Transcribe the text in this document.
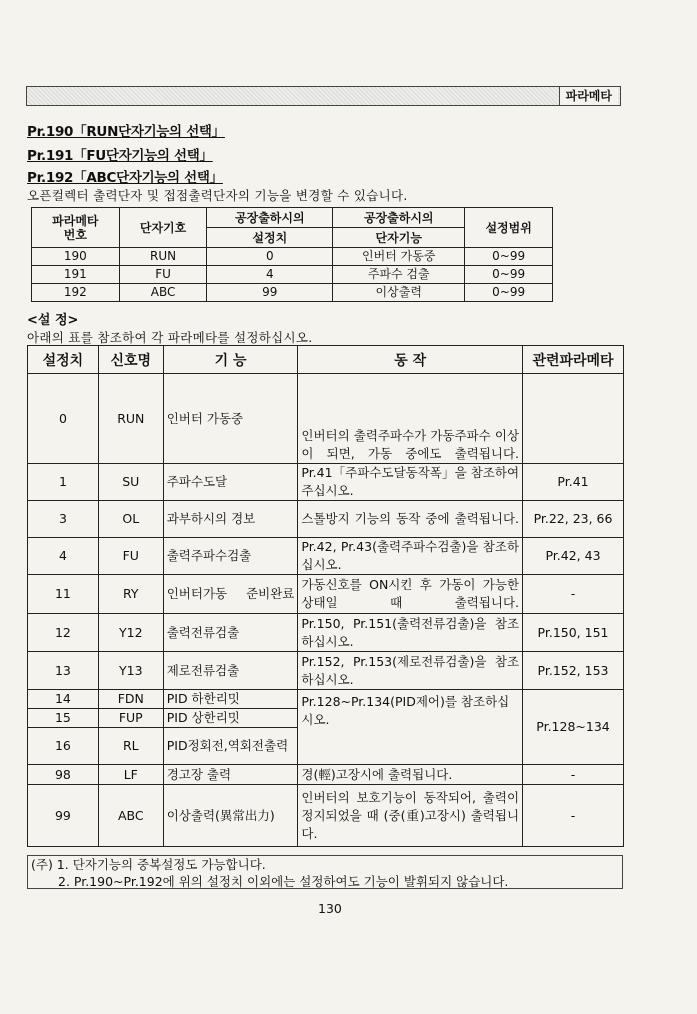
파라메타
Pr.190「RUN단자기능의 선택」
Pr.191「FU단자기능의 선택」
Pr.192「ABC단자기능의 선택」
오픈컬렉터 출력단자 및 접점출력단자의 기능을 변경할 수 있습니다.
파라메타
번호	단자기호	공장출하시의	공장출하시의	설정범위
		설정치	단자기능	
190	RUN	0	인버터 가동중	0~99
191	FU	4	주파수 검출	0~99
192	ABC	99	이상출력	0~99
<설 정>
아래의 표를 참조하여 각 파라메타를 설정하십시오.
설정치	신호명	기 능	동 작	관련파라메타
0	RUN	인버터 가동중	인버터의 출력주파수가 가동주파수 이상이 되면, 가동 중에도 출력됩니다.	
1	SU	주파수도달	Pr.41「주파수도달동작폭」을 참조하여 주십시오.	Pr.41
3	OL	과부하시의 경보	스톨방지 기능의 동작 중에 출력됩니다.	Pr.22, 23, 66
4	FU	출력주파수검출	Pr.42, Pr.43(출력주파수검출)을 참조하십시오.	Pr.42, 43
11	RY	인버터가동 준비완료	가동신호를 ON시킨 후 가동이 가능한 상태일 때 출력됩니다.	-
12	Y12	출력전류검출	Pr.150, Pr.151(출력전류검출)을 참조하십시오.	Pr.150, 151
13	Y13	제로전류검출	Pr.152, Pr.153(제로전류검출)을 참조하십시오.	Pr.152, 153
14	FDN	PID 하한리밋	Pr.128~Pr.134(PID제어)를 참조하십시오.	Pr.128~134
15	FUP	PID 상한리밋		
16	RL	PID정회전,역회전출력		
98	LF	경고장 출력	경(輕)고장시에 출력됩니다.	-
99	ABC	이상출력(異常出力)	인버터의 보호기능이 동작되어, 출력이 정지되었을 때 (중(重)고장시) 출력됩니다.	-
(주) 1. 단자기능의 중복설정도 가능합니다.
2. Pr.190~Pr.192에 위의 설정치 이외에는 설정하여도 기능이 발휘되지 않습니다.
130
